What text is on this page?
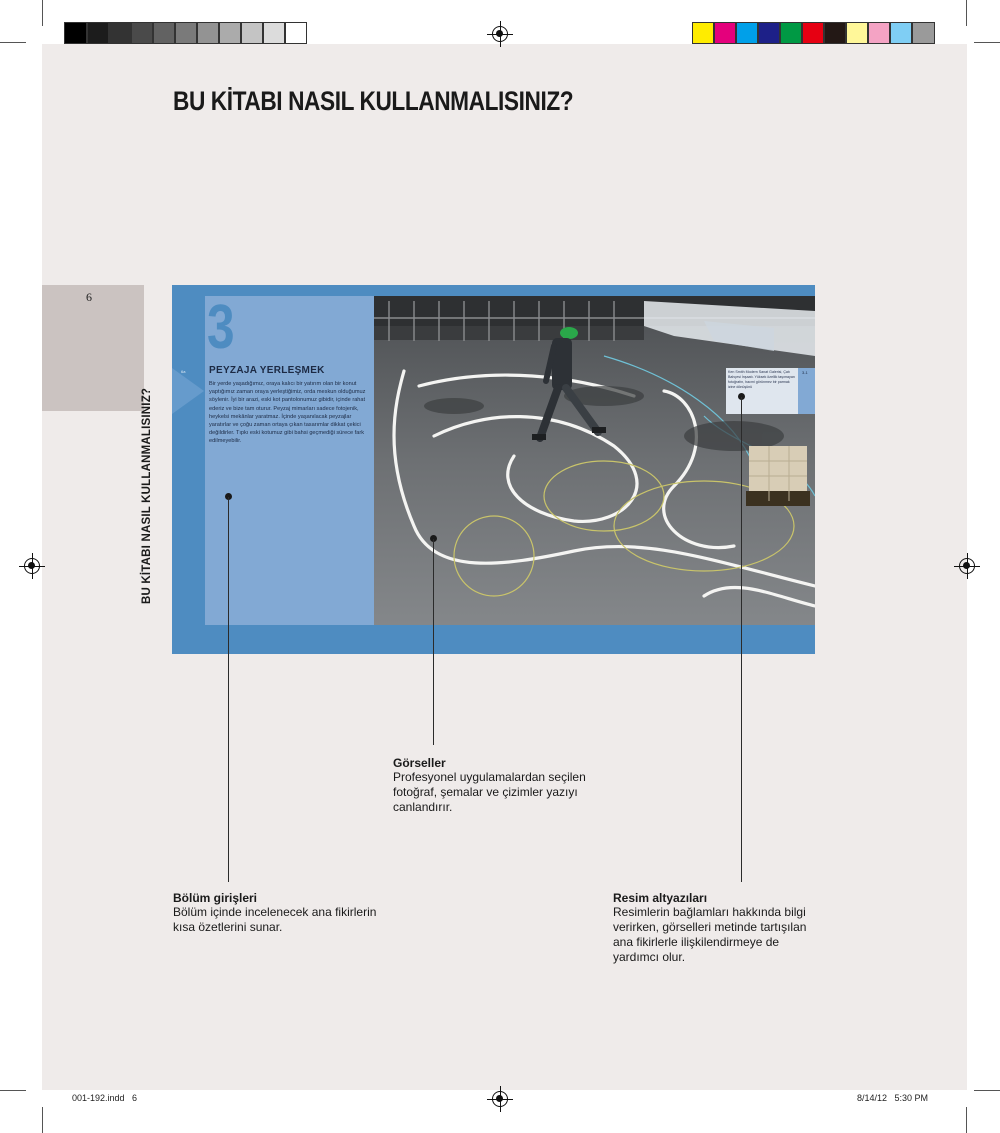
BU KİTABI NASIL KULLANMALISINIZ?
6
BU KİTABI NASIL KULLANMALISINIZ?
6a
3
PEYZAJA YERLEŞMEK
Bir yerde yaşadığımız, oraya kalıcı bir yatırım olan bir konut yaptığımız zaman oraya yerleştiğimiz, orda meskun olduğumuz söylenir. İyi bir arazi, eski kot pantolonumuz gibidir, içinde rahat ederiz ve bize tam oturur. Peyzaj mimarları sadece fotojenik, heykelsi mekânlar yaratmaz. İçinde yaşanılacak peyzajlar yaratırlar ve çoğu zaman ortaya çıkan tasarımlar dikkat çekici değildirler. Tıpkı eski kotumuz gibi bahsi geçmediği sürece fark edilmeyebilir.
Ken Smith Modern Sanat Galerisi, Çatı Bahçesi İnşaatı. Yüksek özellik taşımayan fotoğrafın, hacmi görünmez bir parmak izine dönüşünü
3-1
Görseller
Profesyonel uygulamalardan seçilen fotoğraf, şemalar ve çizimler yazıyı canlandırır.
Bölüm girişleri
Bölüm içinde incelenecek ana fikirlerin kısa özetlerini sunar.
Resim altyazıları
Resimlerin bağlamları hakkında bilgi verirken, görselleri metinde tartışılan ana fikirlerle ilişkilendirmeye de yardımcı olur.
001-192.indd   6	8/14/12   5:30 PM
